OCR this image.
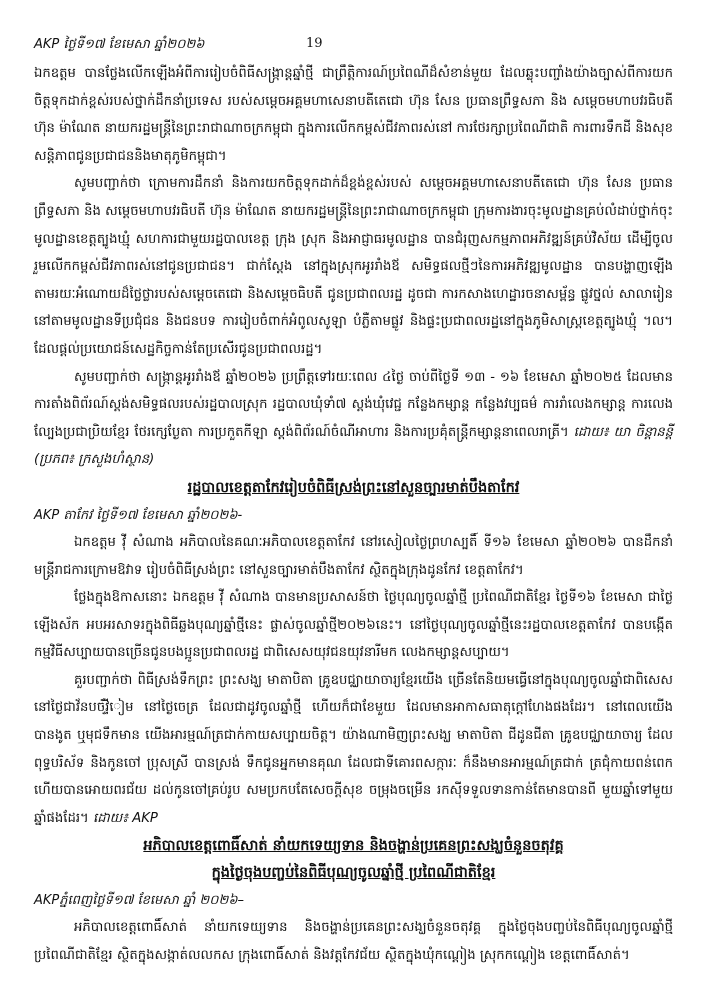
AKP ថ្ងៃទី១៧ ខែមេសា ឆ្នាំ២០២៦	19

ឯកឧត្តម បានថ្លែងលើកឡើងអំពីការរៀបចំពិធីសង្ក្រាន្តឆ្នាំថ្មី ជាព្រឹត្តិការណ៍ប្រពៃណីដ៏សំខាន់មួយ ដែលឆ្លុះបញ្ចាំងយ៉ាងច្បាស់ពីការយកចិត្តទុកដាក់ខ្ពស់របស់ថ្នាក់ដឹកនាំប្រទេស របស់សម្តេចអគ្គមហាសេនាបតីតេជោ ហ៊ុន សែន ប្រធានព្រឹទ្ធសភា និង សម្តេចមហាបវរធិបតី ហ៊ុន ម៉ាណែត នាយករដ្ឋមន្ត្រីនៃព្រះរាជាណាចក្រកម្ពុជា ក្នុងការលើកកម្ពស់ជីវភាពរស់នៅ ការថែរក្សាប្រពៃណីជាតិ ការពារទឹកដី និងសុខសន្តិភាពជូនប្រជាជននិងមាតុភូមិកម្ពុជា។

សូមបញ្ជាក់ថា ក្រោមការដឹកនាំ និងការយកចិត្តទុកដាក់ដ៏ខ្ពង់ខ្ពស់របស់ សម្តេចអគ្គមហាសេនាបតីតេជោ ហ៊ុន សែន ប្រធានព្រឹទ្ធសភា និង សម្តេចមហាបវរធិបតី ហ៊ុន ម៉ាណែត នាយករដ្ឋមន្ត្រីនៃព្រះរាជាណាចក្រកម្ពុជា ក្រុមការងារចុះមូលដ្ឋានគ្រប់លំដាប់ថ្នាក់ចុះមូលដ្ឋានខេត្តត្បូងឃ្មុំ សហការជាមួយរដ្ឋបាលខេត្ត ក្រុង ស្រុក និងអាជ្ញាធរមូលដ្ឋាន បានជំរុញសកម្មភាពអភិវឌ្ឍន៍គ្រប់វិស័យ ដើម្បីចូលរួមលើកកម្ពស់ជីវភាពរស់នៅជូនប្រជាជន។ ជាក់ស្តែង នៅក្នុងស្រុកអូររាំងឪ សមិទ្ធផលថ្មីៗនៃការអភិវឌ្ឍមូលដ្ឋាន បានបង្ហាញឡើងតាមរយៈអំណោយដ៏ថ្លៃថ្លារបស់សម្តេចតេជោ និងសម្តេចធិបតី ជូនប្រជាពលរដ្ឋ ដូចជា ការកសាងហេដ្ឋារចនាសម្ព័ន្ធ ផ្លូវថ្នល់ សាលារៀន នៅតាមមូលដ្ឋានទីប្រជុំជន និងជនបទ ការរៀបចំពាក់អំពូលសូឡា បំភ្លឺតាមផ្លូវ និងផ្ទះប្រជាពលរដ្ឋនៅក្នុងភូមិសាស្ត្រខេត្តត្បូងឃ្មុំ ។ល។ ដែលផ្តល់ប្រយោជន៍សេដ្ឋកិច្ចកាន់តែប្រសើរជូនប្រជាពលរដ្ឋ។

សូមបញ្ជាក់ថា សង្ក្រាន្តអូររាំងឪ ឆ្នាំ២០២៦ ប្រព្រឹត្តទៅរយៈពេល ៤ថ្ងៃ ចាប់ពីថ្ងៃទី ១៣ - ១៦ ខែមេសា ឆ្នាំ២០២៥ ដែលមានការតាំងពិព័រណ៍ស្តង់សមិទ្ធផលរបស់រដ្ឋបាលស្រុក រដ្ឋបាលឃុំទាំ៧ ស្តង់ឃុំវេជ្ជ កន្លែងកម្សាន្ត កន្លែងវប្បធម៌ ការរាំលេងកម្សាន្ត ការលេងល្បែងប្រជាប្រិយខ្មែរ ថែរក្សេបែ្ងតា ការប្រកួតកីឡា ស្តង់ពិព័រណ៍ចំណីអាហារ និងការប្រគុំតន្ត្រីកម្សាន្តនាពេលរាត្រី។ ដោយ៖ យា ចិន្តានន្តី (ប្រភព៖ ក្រសួងហំស្ថាន)

រដ្ឋបាលខេត្តតាកែវរៀបចំពិធីស្រង់ព្រះនៅសួនច្បារមាត់បឹងតាកែវ
AKP តាកែវ ថ្ងៃទី១៧ ខែមេសា ឆ្នាំ២០២៦-

ឯកឧត្តម វ៉ី សំណាង អភិបាលនៃគណៈអភិបាលខេត្តតាកែវ នៅរសៀលថ្ងៃព្រហស្បតិ៍ ទី១៦ ខែមេសា ឆ្នាំ២០២៦ បានដឹកនាំមន្ត្រីរាជការក្រោមឱវាទ រៀបចំពិធីស្រង់ព្រះ នៅសួនច្បារមាត់បឹងតាកែវ ស្ថិតក្នុងក្រុងដូនកែវ ខេត្តតាកែវ។

ថ្លែងក្នុងឱកាសនោះ ឯកឧត្តម វ៉ី សំណាង បានមានប្រសាសន៍ថា ថ្ងៃបុណ្យចូលឆ្នាំថ្មី ប្រពៃណីជាតិខ្មែរ ថ្ងៃទី១៦ ខែមេសា ជាថ្ងៃឡើងស័ក អបអរសាទរក្នុងពិធីឆ្លងបុណ្យឆ្នាំថ្មីនេះ ផ្លាស់ចូលឆ្នាំថ្មី២០២៦នេះ។ នៅថ្ងៃបុណ្យចូលឆ្នាំថ្មីនេះរដ្ឋបាលខេត្តតាកែវ បានបង្កើតកម្មវិធីសប្បាយបានច្រើនជូនបងប្អូនប្រជាពលរដ្ឋ ជាពិសេសយុវជនយុវនារីមក លេងកម្សាន្តសប្បាយ។

គួរបញ្ជាក់ថា ពិធីស្រង់ទឹកព្រះ ព្រះសង្ឃ មាតាបិតា គ្រូឧបជ្ឈាយាចារ្យខ្មែរយើង ច្រើនតែនិយមធ្វើនៅក្នុងបុណ្យចូលឆ្នាំជាពិសេសនៅថ្ងៃជាវ័នបច័វ្ទីៀម នៅថ្ងៃចេត្រ ដែលជាដូវចូលឆ្នាំថ្មី ហើយក៏ជាខែមួយ ដែលមានអាកាសធាតុក្តៅហែងផងដែរ។ នៅពេលយើងបានងូត ឬមុជទឹកមាន យើងអារម្មណ៍ត្រជាក់កាយសប្បាយចិត្ត។ យ៉ាងណាមិញព្រះសង្ឃ មាតាបិតា ជីដូនជីតា គ្រូឧបជ្ឈាយាចារ្យ ដែលពុទ្ធបរិស័ទ និងកូនចៅ ប្រុសស្រី បានស្រង់ ទឹកជូនអ្នកមានគុណ ដែលជាទីគោរពសក្ការៈ ក៏នឹងមានអារម្មណ៍ត្រជាក់ ត្រជុំកាយពន់ពេក ហើយបានអោយពរជ័យ ដល់កូនចៅគ្រប់រូប សមប្រកបតែសេចក្តីសុខ ចម្រុងចម្រើន រកស៊ីទទួលទានកាន់តែមានបានពី មួយឆ្នាំទៅមួយឆ្នាំផងដែរ។ ដោយ៖ AKP

អភិបាលខេត្តពោធិ៍សាត់ នាំយកទេយ្យទាន និងចង្ហាន់ប្រគេនព្រះសង្ឃចំនួនចតុវគ្គ
ក្នុងថ្ងៃចុងបញ្ចប់នៃពិធីបុណ្យចូលឆ្នាំថ្មី ប្រពៃណីជាតិខ្មែរ
AKPភ្នំពេញថ្ងៃទី១៧ ខែមេសា ឆ្នាំ ២០២៦–

អភិបាលខេត្តពោធិ៍សាត់ នាំយកទេយ្យទាន និងចង្ហាន់ប្រគេនព្រះសង្ឃចំនួនចតុវគ្គ ក្នុងថ្ងៃចុងបញ្ចប់នៃពិធីបុណ្យចូលឆ្នាំថ្មី ប្រពៃណីជាតិខ្មែរ ស្ថិតក្នុងសង្កាត់លលកស ក្រុងពោធិ៍សាត់ និងវត្តកែវជ័យ ស្ថិតក្នុងឃុំកណ្តៀង ស្រុកកណ្តៀង ខេត្តពោធិ៍សាត់។
